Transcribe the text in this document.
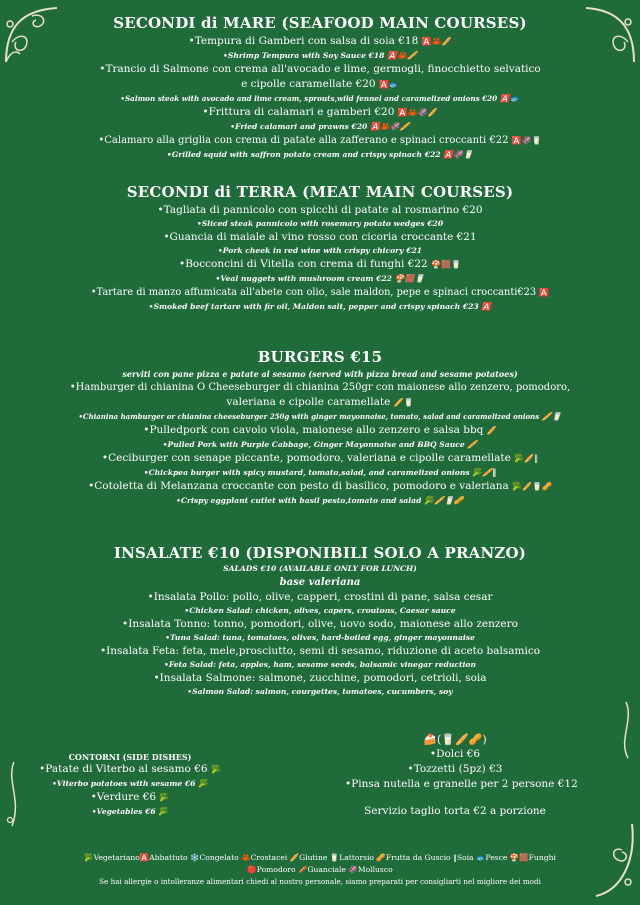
SECONDI di MARE (SEAFOOD MAIN COURSES)
•Tempura di Gamberi con salsa di soia €18 🅰️🦀🥖
•Shrimp Tempura with Soy Sauce €18 🅰️🦀🥖
•Trancio di Salmone con crema all'avocado e lime, germogli, finocchietto selvatico
e cipolle caramellate €20 🅰️🐟
•Salmon steak with avocado and lime cream, sprouts,wild fennel and caramelized onions €20 🅰️🐟
•Frittura di calamari e gamberi €20 🅰️🦀🦑🥖
•Fried calamari and prawns €20 🅰️🦀🦑🥖
•Calamaro alla griglia con crema di patate alla zafferano e spinaci croccanti €22 🅰️🦑🥛
•Grilled squid with saffron potato cream and crispy spinach €22 🅰️🦑🥛
SECONDI di TERRA (MEAT MAIN COURSES)
•Tagliata di pannicolo con spicchi di patate al rosmarino €20
•Sliced steak pannicolo with rosemary potato wedges €20
•Guancia di maiale al vino rosso con cicoria croccante €21
•Pork cheek in red wine with crispy chicory €21
•Bocconcini di Vitella con crema di funghi €22 🍄🟫🥛
•Veal nuggets with mushroom cream €22 🍄🟫🥛
•Tartare di manzo affumicata all'abete con olio, sale maldon, pepe e spinaci croccanti€23 🅰️
•Smoked beef tartare with fir oil, Maldon salt, pepper and crispy spinach €23 🅰️
BURGERS €15
serviti con pane pizza e patate al sesamo (served with pizza bread and sesame potatoes)
•Hamburger di chianina O Cheeseburger di chianina 250gr con maionese allo zenzero, pomodoro,
valeriana e cipolle caramellate 🥖🥛
•Chianina hamburger or chianina cheeseburger 250g with ginger mayonnaise, tomato, salad and caramelized onions 🥖🥛
•Pulledpork con cavolo viola, maionese allo zenzero e salsa bbq 🥖
•Pulled Pork with Purple Cabbage, Ginger Mayonnaise and BBQ Sauce 🥖
•Ceciburger con senape piccante, pomodoro, valeriana e cipolle caramellate 🥦🥖‖
•Chickpea burger with spicy mustard, tomato,salad, and caramelized onions 🥦🥖‖
•Cotoletta di Melanzana croccante con pesto di basilico, pomodoro e valeriana 🥦🥖🥛🥜
•Crispy eggplant cutlet with basil pesto,tomato and salad 🥦🥖🥛🥜
INSALATE €10 (DISPONIBILI SOLO A PRANZO)
SALADS €10 (AVAILABLE ONLY FOR LUNCH)
base valeriana
•Insalata Pollo: pollo, olive, capperi, crostini di pane, salsa cesar
•Chicken Salad: chicken, olives, capers, croutons, Caesar sauce
•Insalata Tonno: tonno, pomodori, olive, uovo sodo, maionese allo zenzero
•Tuna Salad: tuna, tomatoes, olives, hard-boiled egg, ginger mayonnaise
•Insalata Feta: feta, mele,prosciutto, semi di sesamo, riduzione di aceto balsamico
•Feta Salad: feta, apples, ham, sesame seeds, balsamic vinegar reduction
•Insalata Salmone: salmone, zucchine, pomodori, cetrioli, soia
•Salmon Salad: salmon, courgettes, tomatoes, cucumbers, soy
CONTORNI (SIDE DISHES)
•Patate di Viterbo al sesamo €6 🥦
•Viterbo potatoes with sesame €6 🥦
•Verdure €6 🥦
•Vegetables €6 🥦
🍰(🥛🥖🥜)
•Dolci €6
•Tozzetti (5pz) €3
•Pinsa nutella e granelle per 2 persone €12
Servizio taglio torta €2 a porzione
🥦Vegetariano🅰️Abbattuto ❄️Congelato 🦀Crostacei 🥖Glutine 🥛Lattorsio 🥜Frutta da Guscio ‖Soia 🐟Pesce 🍄🟫Funghi
🔴Pomodoro 🥓Guanciale 🦑Mollusco
Se hai allergie o intolleranze alimentari chiedi al nostro personale, siamo preparati per consigliarti nel migliore dei modi
